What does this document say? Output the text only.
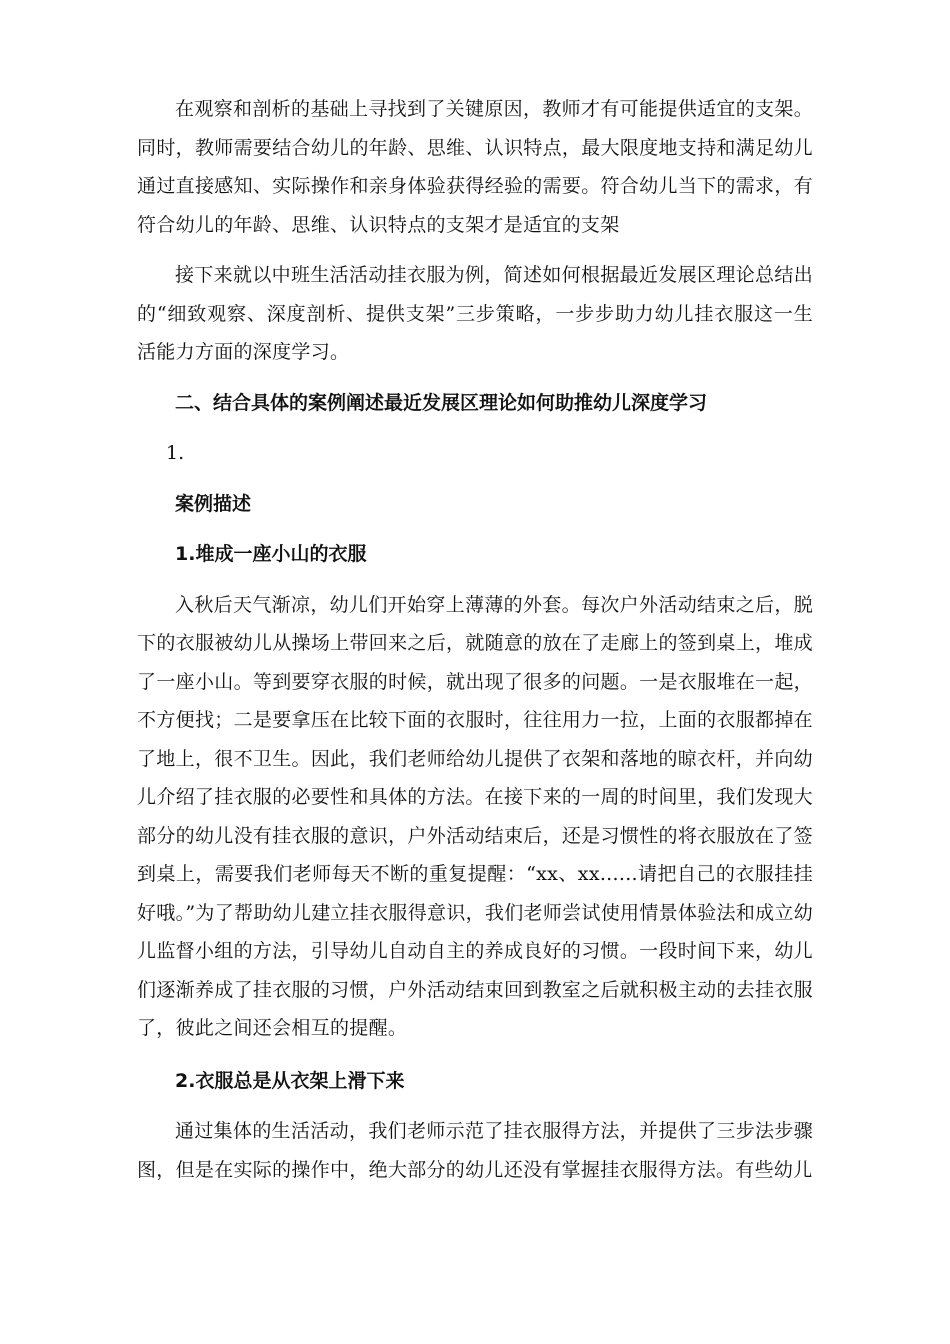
在观察和剖析的基础上寻找到了关键原因，教师才有可能提供适宜的支架。同时，教师需要结合幼儿的年龄、思维、认识特点，最大限度地支持和满足幼儿通过直接感知、实际操作和亲身体验获得经验的需要。符合幼儿当下的需求，有符合幼儿的年龄、思维、认识特点的支架才是适宜的支架

接下来就以中班生活活动挂衣服为例，简述如何根据最近发展区理论总结出的“细致观察、深度剖析、提供支架”三步策略，一步步助力幼儿挂衣服这一生活能力方面的深度学习。

二、结合具体的案例阐述最近发展区理论如何助推幼儿深度学习

1.

案例描述

1.堆成一座小山的衣服

入秋后天气渐凉，幼儿们开始穿上薄薄的外套。每次户外活动结束之后，脱下的衣服被幼儿从操场上带回来之后，就随意的放在了走廊上的签到桌上，堆成了一座小山。等到要穿衣服的时候，就出现了很多的问题。一是衣服堆在一起，不方便找；二是要拿压在比较下面的衣服时，往往用力一拉，上面的衣服都掉在了地上，很不卫生。因此，我们老师给幼儿提供了衣架和落地的晾衣杆，并向幼儿介绍了挂衣服的必要性和具体的方法。在接下来的一周的时间里，我们发现大部分的幼儿没有挂衣服的意识，户外活动结束后，还是习惯性的将衣服放在了签到桌上，需要我们老师每天不断的重复提醒：“xx、xx......请把自己的衣服挂挂好哦。”为了帮助幼儿建立挂衣服得意识，我们老师尝试使用情景体验法和成立幼儿监督小组的方法，引导幼儿自动自主的养成良好的习惯。一段时间下来，幼儿们逐渐养成了挂衣服的习惯，户外活动结束回到教室之后就积极主动的去挂衣服了，彼此之间还会相互的提醒。

2.衣服总是从衣架上滑下来

通过集体的生活活动，我们老师示范了挂衣服得方法，并提供了三步法步骤图，但是在实际的操作中，绝大部分的幼儿还没有掌握挂衣服得方法。有些幼儿
